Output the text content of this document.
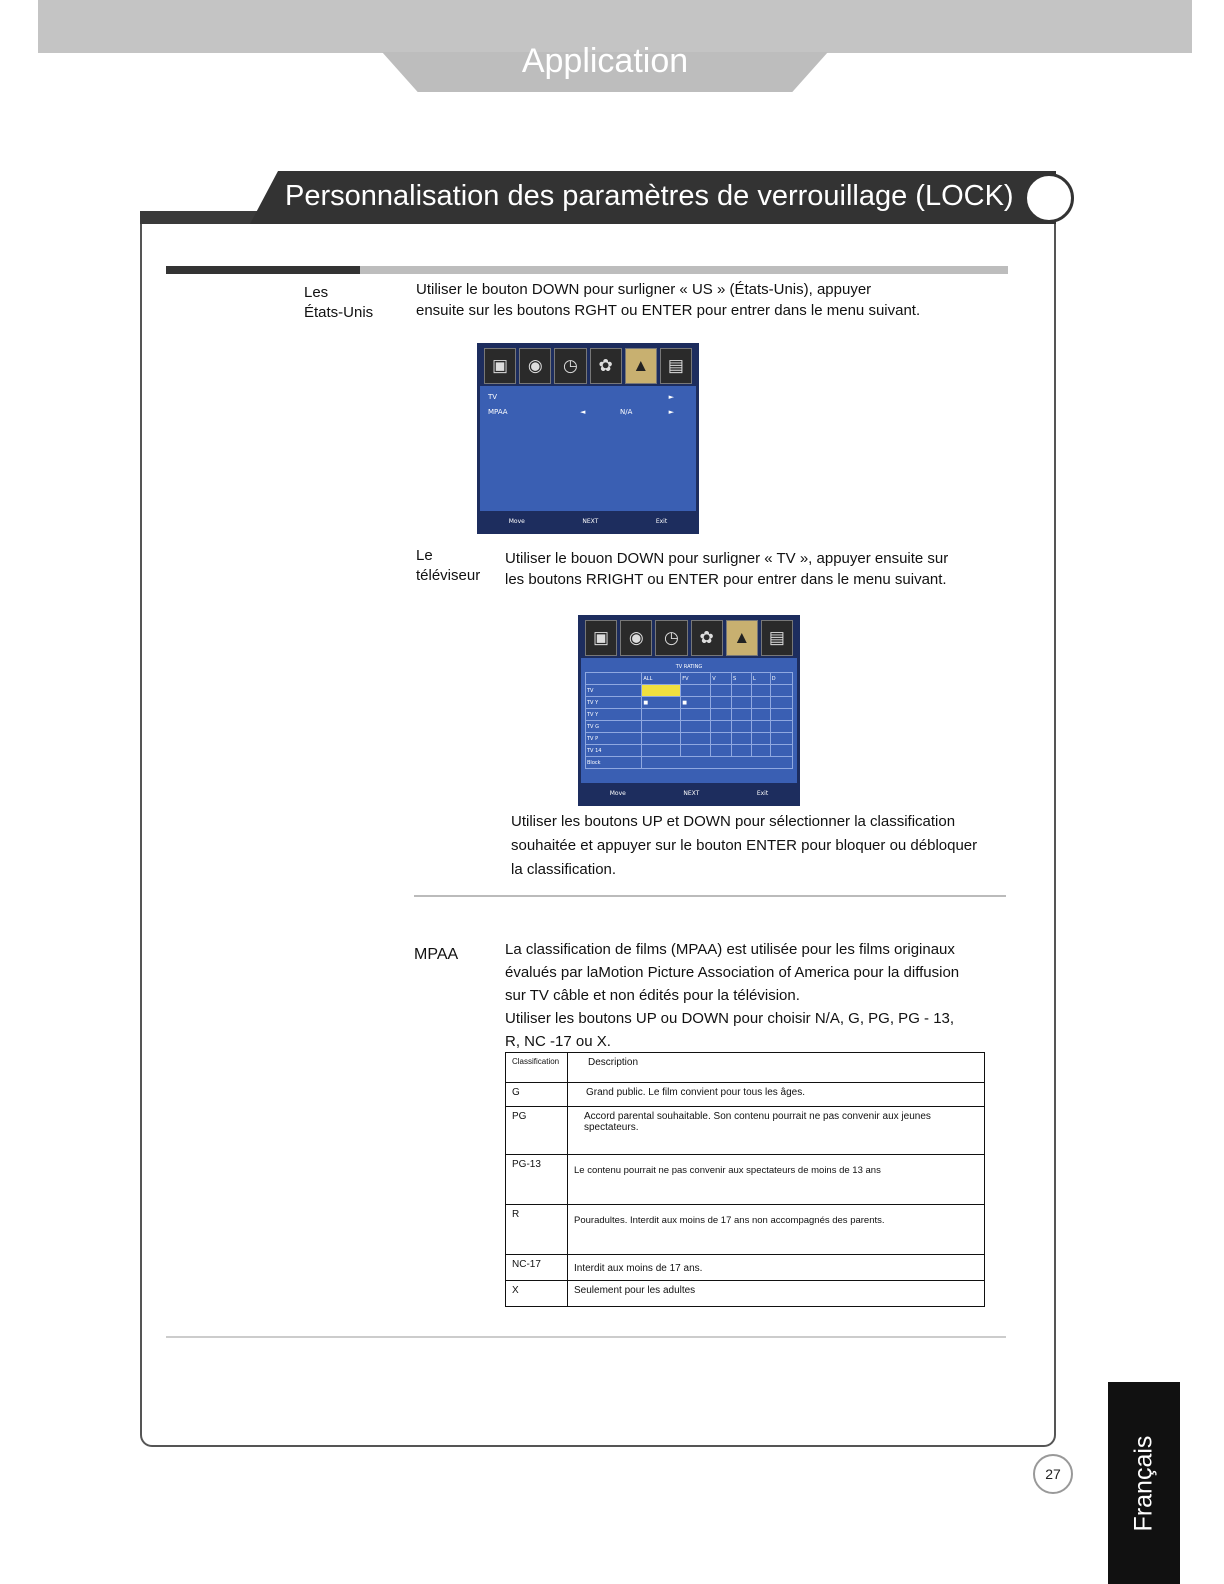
Application
Personnalisation des paramètres de verrouillage (LOCK)
Les
États-Unis
Utiliser le bouton DOWN pour surligner « US » (États-Unis), appuyer
ensuite sur les boutons RGHT ou ENTER pour entrer dans le menu suivant.
▣	◉	◷	✿	▲	▤
TV	►
MPAA	◄	N/A	►
Move	NEXT	Exit
Le
téléviseur
Utiliser le bouon DOWN pour surligner « TV », appuyer ensuite sur
les boutons RRIGHT ou ENTER pour entrer dans le menu suivant.
▣	◉	◷	✿	▲	▤
TV RATING
	ALL	FV	V	S	L	D
TV						
TV Y	■	■				
TV Y						
TV G						
TV P						
TV 14						
Block						
Move	NEXT	Exit
Utiliser les boutons UP et DOWN pour sélectionner la classification
souhaitée et appuyer sur le bouton ENTER pour bloquer ou débloquer
la classification.
MPAA	La classification de films (MPAA) est utilisée pour les films originaux
évalués par laMotion Picture Association of America pour la diffusion
sur TV câble et non édités pour la télévision.
Utiliser les boutons UP ou DOWN pour choisir N/A, G, PG, PG - 13,
R, NC -17 ou X.
Classification	Description
G	Grand public. Le film convient pour tous les âges.
PG	Accord parental souhaitable. Son contenu pourrait ne pas convenir aux jeunes spectateurs.
PG-13	Le contenu pourrait ne pas convenir aux spectateurs de moins de 13 ans
R	Pouradultes. Interdit aux moins de 17 ans non accompagnés des parents.
NC-17	Interdit aux moins de 17 ans.
X	Seulement pour les adultes
Français
27
